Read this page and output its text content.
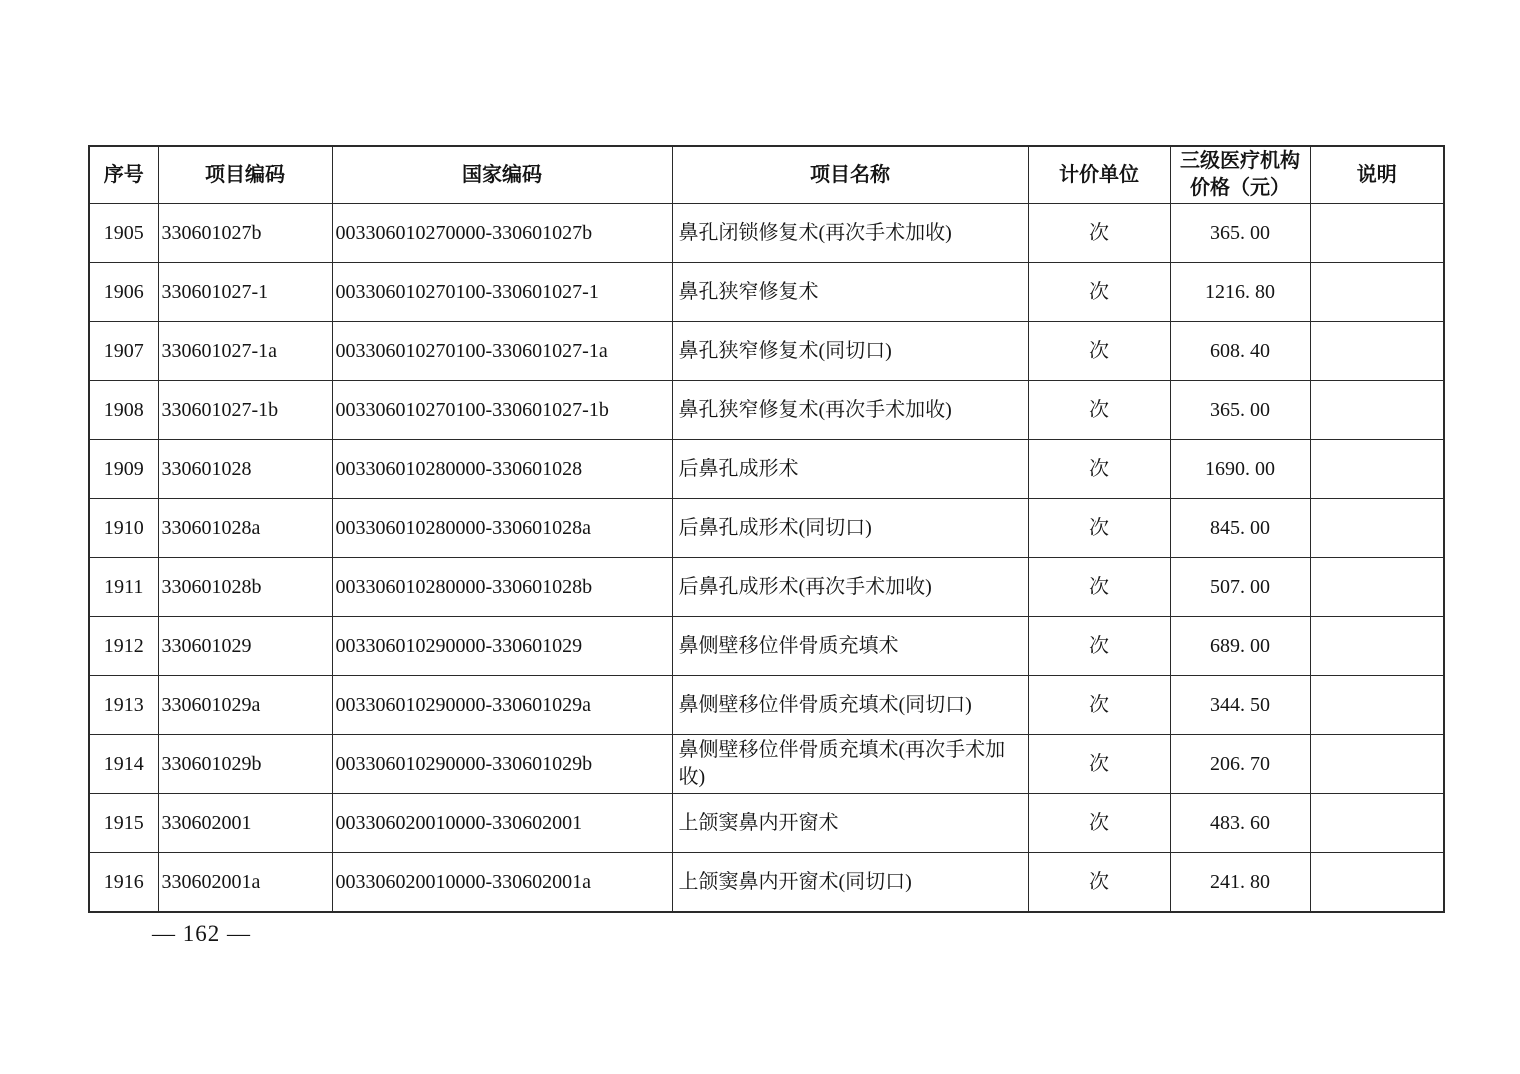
序号	项目编码	国家编码	项目名称	计价单位	三级医疗机构价格（元）	说明
1905	330601027b	003306010270000-330601027b	鼻孔闭锁修复术(再次手术加收)	次	365. 00	
1906	330601027-1	003306010270100-330601027-1	鼻孔狭窄修复术	次	1216. 80	
1907	330601027-1a	003306010270100-330601027-1a	鼻孔狭窄修复术(同切口)	次	608. 40	
1908	330601027-1b	003306010270100-330601027-1b	鼻孔狭窄修复术(再次手术加收)	次	365. 00	
1909	330601028	003306010280000-330601028	后鼻孔成形术	次	1690. 00	
1910	330601028a	003306010280000-330601028a	后鼻孔成形术(同切口)	次	845. 00	
1911	330601028b	003306010280000-330601028b	后鼻孔成形术(再次手术加收)	次	507. 00	
1912	330601029	003306010290000-330601029	鼻侧壁移位伴骨质充填术	次	689. 00	
1913	330601029a	003306010290000-330601029a	鼻侧壁移位伴骨质充填术(同切口)	次	344. 50	
1914	330601029b	003306010290000-330601029b	鼻侧壁移位伴骨质充填术(再次手术加收)	次	206. 70	
1915	330602001	003306020010000-330602001	上颌窦鼻内开窗术	次	483. 60	
1916	330602001a	003306020010000-330602001a	上颌窦鼻内开窗术(同切口)	次	241. 80	
— 162 —
